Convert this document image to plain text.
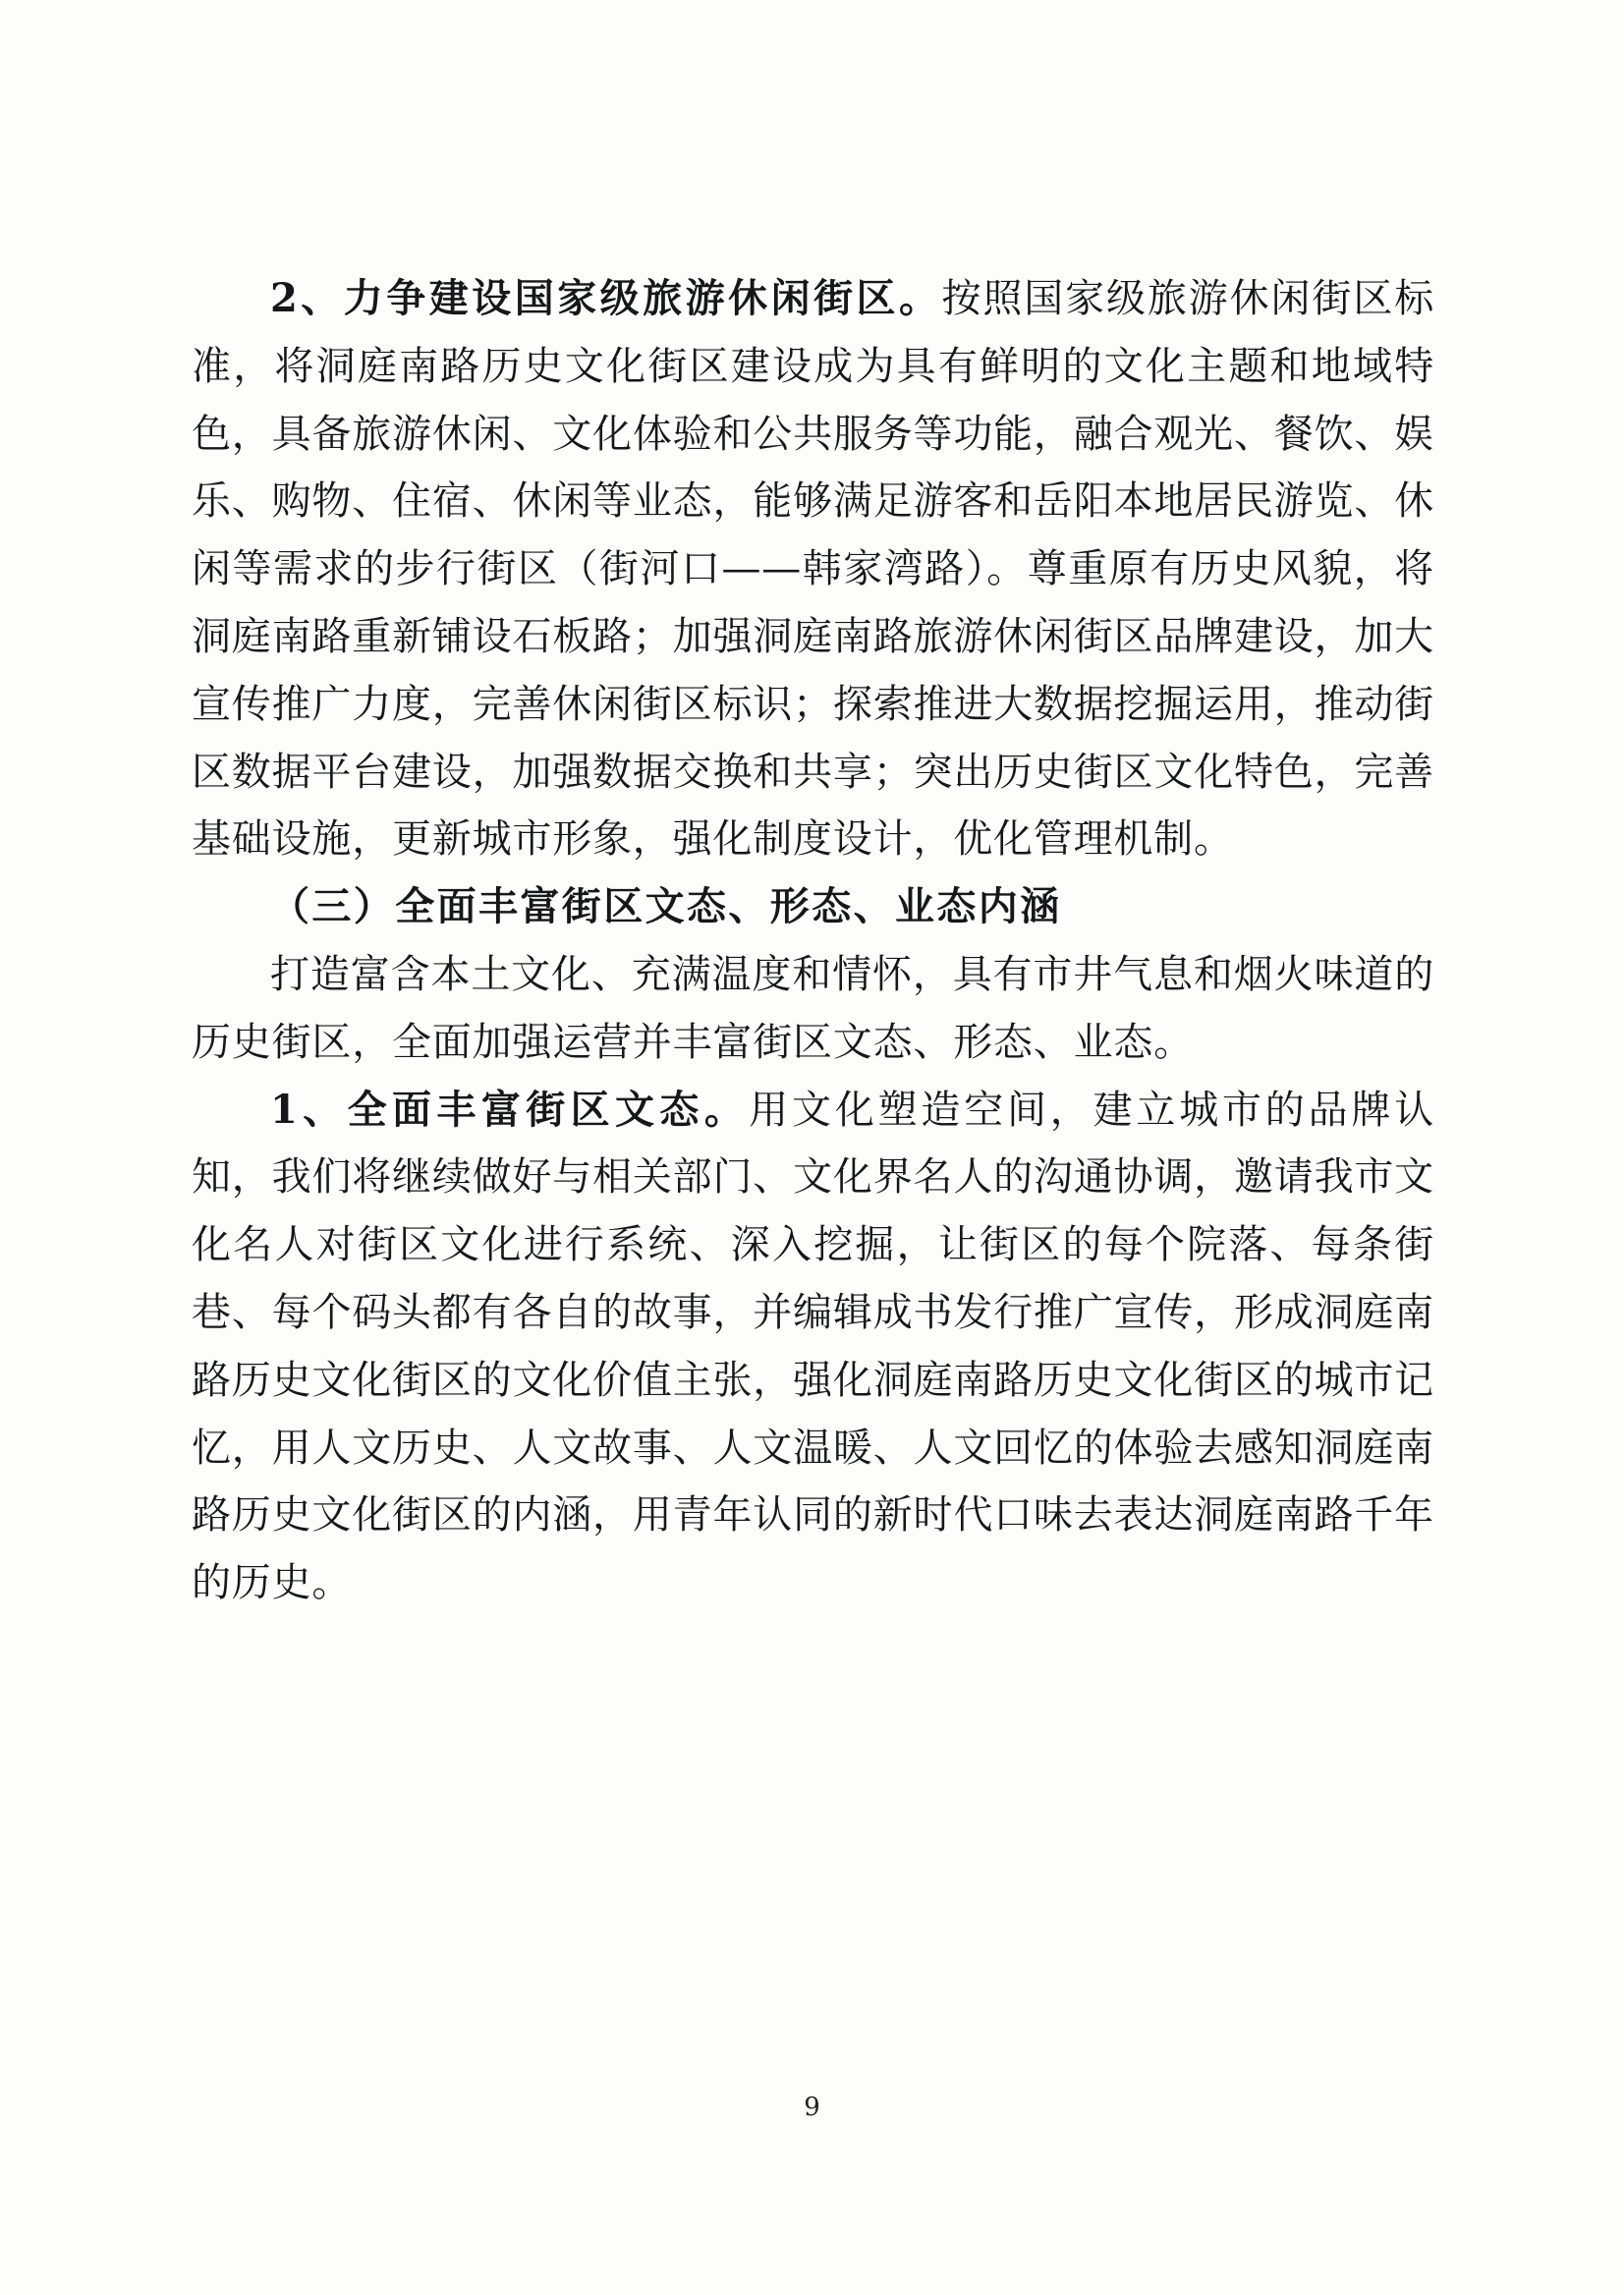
2、力争建设国家级旅游休闲街区。按照国家级旅游休闲街区标准，将洞庭南路历史文化街区建设成为具有鲜明的文化主题和地域特色，具备旅游休闲、文化体验和公共服务等功能，融合观光、餐饮、娱乐、购物、住宿、休闲等业态，能够满足游客和岳阳本地居民游览、休闲等需求的步行街区（街河口——韩家湾路）。尊重原有历史风貌，将洞庭南路重新铺设石板路；加强洞庭南路旅游休闲街区品牌建设，加大宣传推广力度，完善休闲街区标识；探索推进大数据挖掘运用，推动街区数据平台建设，加强数据交换和共享；突出历史街区文化特色，完善基础设施，更新城市形象，强化制度设计，优化管理机制。

（三）全面丰富街区文态、形态、业态内涵

打造富含本土文化、充满温度和情怀，具有市井气息和烟火味道的历史街区，全面加强运营并丰富街区文态、形态、业态。

1、全面丰富街区文态。用文化塑造空间，建立城市的品牌认知，我们将继续做好与相关部门、文化界名人的沟通协调，邀请我市文化名人对街区文化进行系统、深入挖掘，让街区的每个院落、每条街巷、每个码头都有各自的故事，并编辑成书发行推广宣传，形成洞庭南路历史文化街区的文化价值主张，强化洞庭南路历史文化街区的城市记忆，用人文历史、人文故事、人文温暖、人文回忆的体验去感知洞庭南路历史文化街区的内涵，用青年认同的新时代口味去表达洞庭南路千年的历史。

9
